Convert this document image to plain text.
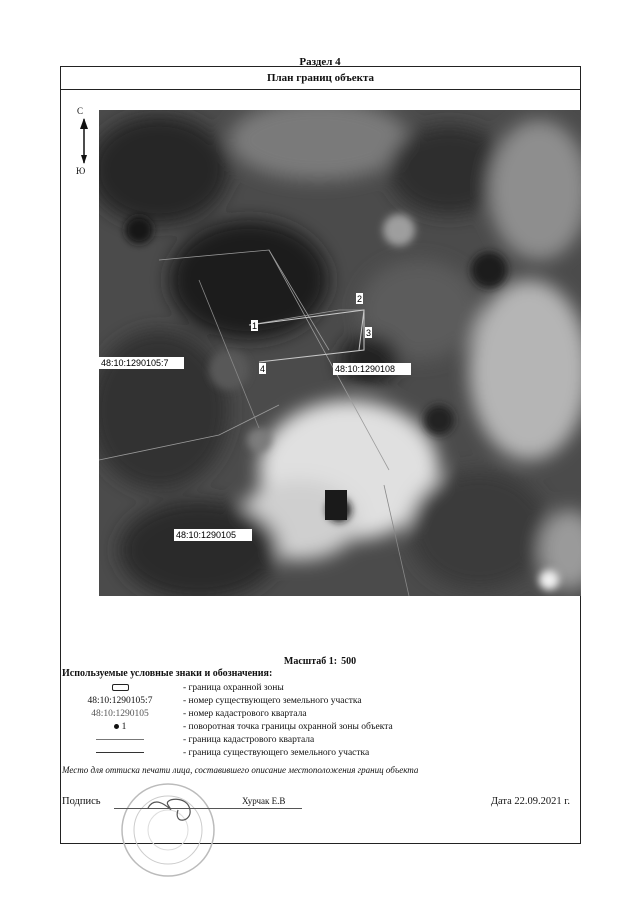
Раздел 4
План границ объекта
С
Ю
48:10:1290105:7
48:10:1290108
48:10:1290105
1
2
3
4
Масштаб 1: 500
Используемые условные знаки и обозначения:
- граница охранной зоны
48:10:1290105:7	- номер существующего земельного участка
48:10:1290105	- номер кадастрового квартала
1	- поворотная точка границы охранной зоны объекта
- граница кадастрового квартала
- граница существующего земельного участка
Место для оттиска печати лица, составившего описание местоположения границ объекта
Подпись	Хурчак Е.В	Дата 22.09.2021 г.
